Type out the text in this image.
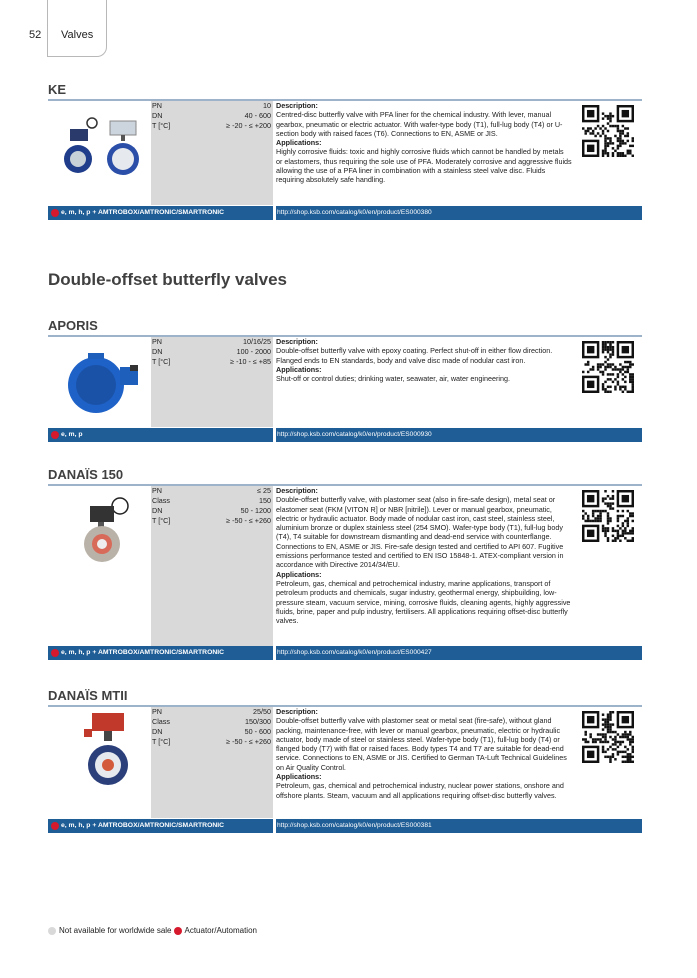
52 Valves
KE
PN	10
DN	40 - 600
T [°C]	≥ -20 - ≤ +200
Description:
Centred-disc butterfly valve with PFA liner for the chemical industry. With lever, manual gearbox, pneumatic or electric actuator. With wafer-type body (T1), full-lug body (T4) or U-section body with raised faces (T6). Connections to EN, ASME or JIS.
Applications:
Highly corrosive fluids: toxic and highly corrosive fluids which cannot be handled by metals or elastomers, thus requiring the sole use of PFA. Moderately corrosive and aggressive fluids allowing the use of a PFA liner in combination with a stainless steel valve disc. Fluids requiring absolutely safe handling.
e, m, h, p + AMTROBOX/AMTRONIC/SMARTRONIC	http://shop.ksb.com/catalog/k0/en/product/ES000380
Double-offset butterfly valves
APORIS
PN	10/16/25
DN	100 - 2000
T [°C]	≥ -10 - ≤ +85
Description:
Double-offset butterfly valve with epoxy coating. Perfect shut-off in either flow direction. Flanged ends to EN standards, body and valve disc made of nodular cast iron.
Applications:
Shut-off or control duties; drinking water, seawater, air, water engineering.
e, m, p	http://shop.ksb.com/catalog/k0/en/product/ES000930
DANAÏS 150
PN	≤ 25
Class	150
DN	50 - 1200
T [°C]	≥ -50 - ≤ +260
Description:
Double-offset butterfly valve, with plastomer seat (also in fire-safe design), metal seat or elastomer seat (FKM [VITON R] or NBR [nitrile]). Lever or manual gearbox, pneumatic, electric or hydraulic actuator. Body made of nodular cast iron, cast steel, stainless steel, aluminium bronze or duplex stainless steel (254 SMO). Wafer-type body (T1), full-lug body (T4), T4 suitable for downstream dismantling and dead-end service with counterflange. Connections to EN, ASME or JIS. Fire-safe design tested and certified to API 607. Fugitive emissions performance tested and certified to EN ISO 15848-1. ATEX-compliant version in accordance with Directive 2014/34/EU.
Applications:
Petroleum, gas, chemical and petrochemical industry, marine applications, transport of petroleum products and chemicals, sugar industry, geothermal energy, shipbuilding, low-pressure steam, vacuum service, mining, corrosive fluids, cleaning agents, highly aggressive fluids, brine, paper and pulp industry, fertilisers. All applications requiring offset-disc butterfly valves.
e, m, h, p + AMTROBOX/AMTRONIC/SMARTRONIC	http://shop.ksb.com/catalog/k0/en/product/ES000427
DANAÏS MTII
PN	25/50
Class	150/300
DN	50 - 600
T [°C]	≥ -50 - ≤ +260
Description:
Double-offset butterfly valve with plastomer seat or metal seat (fire-safe), without gland packing, maintenance-free, with lever or manual gearbox, pneumatic, electric or hydraulic actuator, body made of steel or stainless steel. Wafer-type body (T1), full-lug body (T4) or flanged body (T7) with flat or raised faces. Body types T4 and T7 are suitable for dead-end service. Connections to EN, ASME or JIS. Certified to German TA-Luft Technical Guidelines on Air Quality Control.
Applications:
Petroleum, gas, chemical and petrochemical industry, nuclear power stations, onshore and offshore plants. Steam, vacuum and all applications requiring offset-disc butterfly valves.
e, m, h, p + AMTROBOX/AMTRONIC/SMARTRONIC	http://shop.ksb.com/catalog/k0/en/product/ES000381
Not available for worldwide sale Actuator/Automation
